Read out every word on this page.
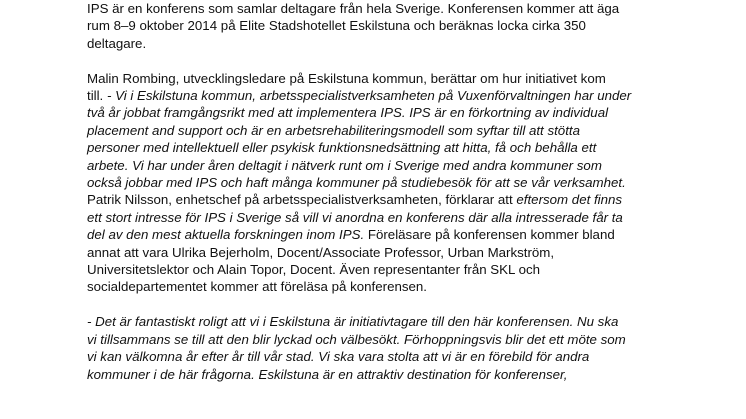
IPS är en konferens som samlar deltagare från hela Sverige. Konferensen kommer att äga
rum 8–9 oktober 2014 på Elite Stadshotellet Eskilstuna och beräknas locka cirka 350
deltagare.

Malin Rombing, utvecklingsledare på Eskilstuna kommun, berättar om hur initiativet kom
till. - Vi i Eskilstuna kommun, arbetsspecialistverksamheten på Vuxenförvaltningen har under
två år jobbat framgångsrikt med att implementera IPS. IPS är en förkortning av individual
placement and support och är en arbetsrehabiliteringsmodell som syftar till att stötta
personer med intellektuell eller psykisk funktionsnedsättning att hitta, få och behålla ett
arbete. Vi har under åren deltagit i nätverk runt om i Sverige med andra kommuner som
också jobbar med IPS och haft många kommuner på studiebesök för att se vår verksamhet.
Patrik Nilsson, enhetschef på arbetsspecialistverksamheten, förklarar att eftersom det finns
ett stort intresse för IPS i Sverige så vill vi anordna en konferens där alla intresserade får ta
del av den mest aktuella forskningen inom IPS. Föreläsare på konferensen kommer bland
annat att vara Ulrika Bejerholm, Docent/Associate Professor, Urban Markström,
Universitetslektor och Alain Topor, Docent. Även representanter från SKL och
socialdepartementet kommer att föreläsa på konferensen.

- Det är fantastiskt roligt att vi i Eskilstuna är initiativtagare till den här konferensen. Nu ska
vi tillsammans se till att den blir lyckad och välbesökt. Förhoppningsvis blir det ett möte som
vi kan välkomna år efter år till vår stad. Vi ska vara stolta att vi är en förebild för andra
kommuner i de här frågorna. Eskilstuna är en attraktiv destination för konferenser,
